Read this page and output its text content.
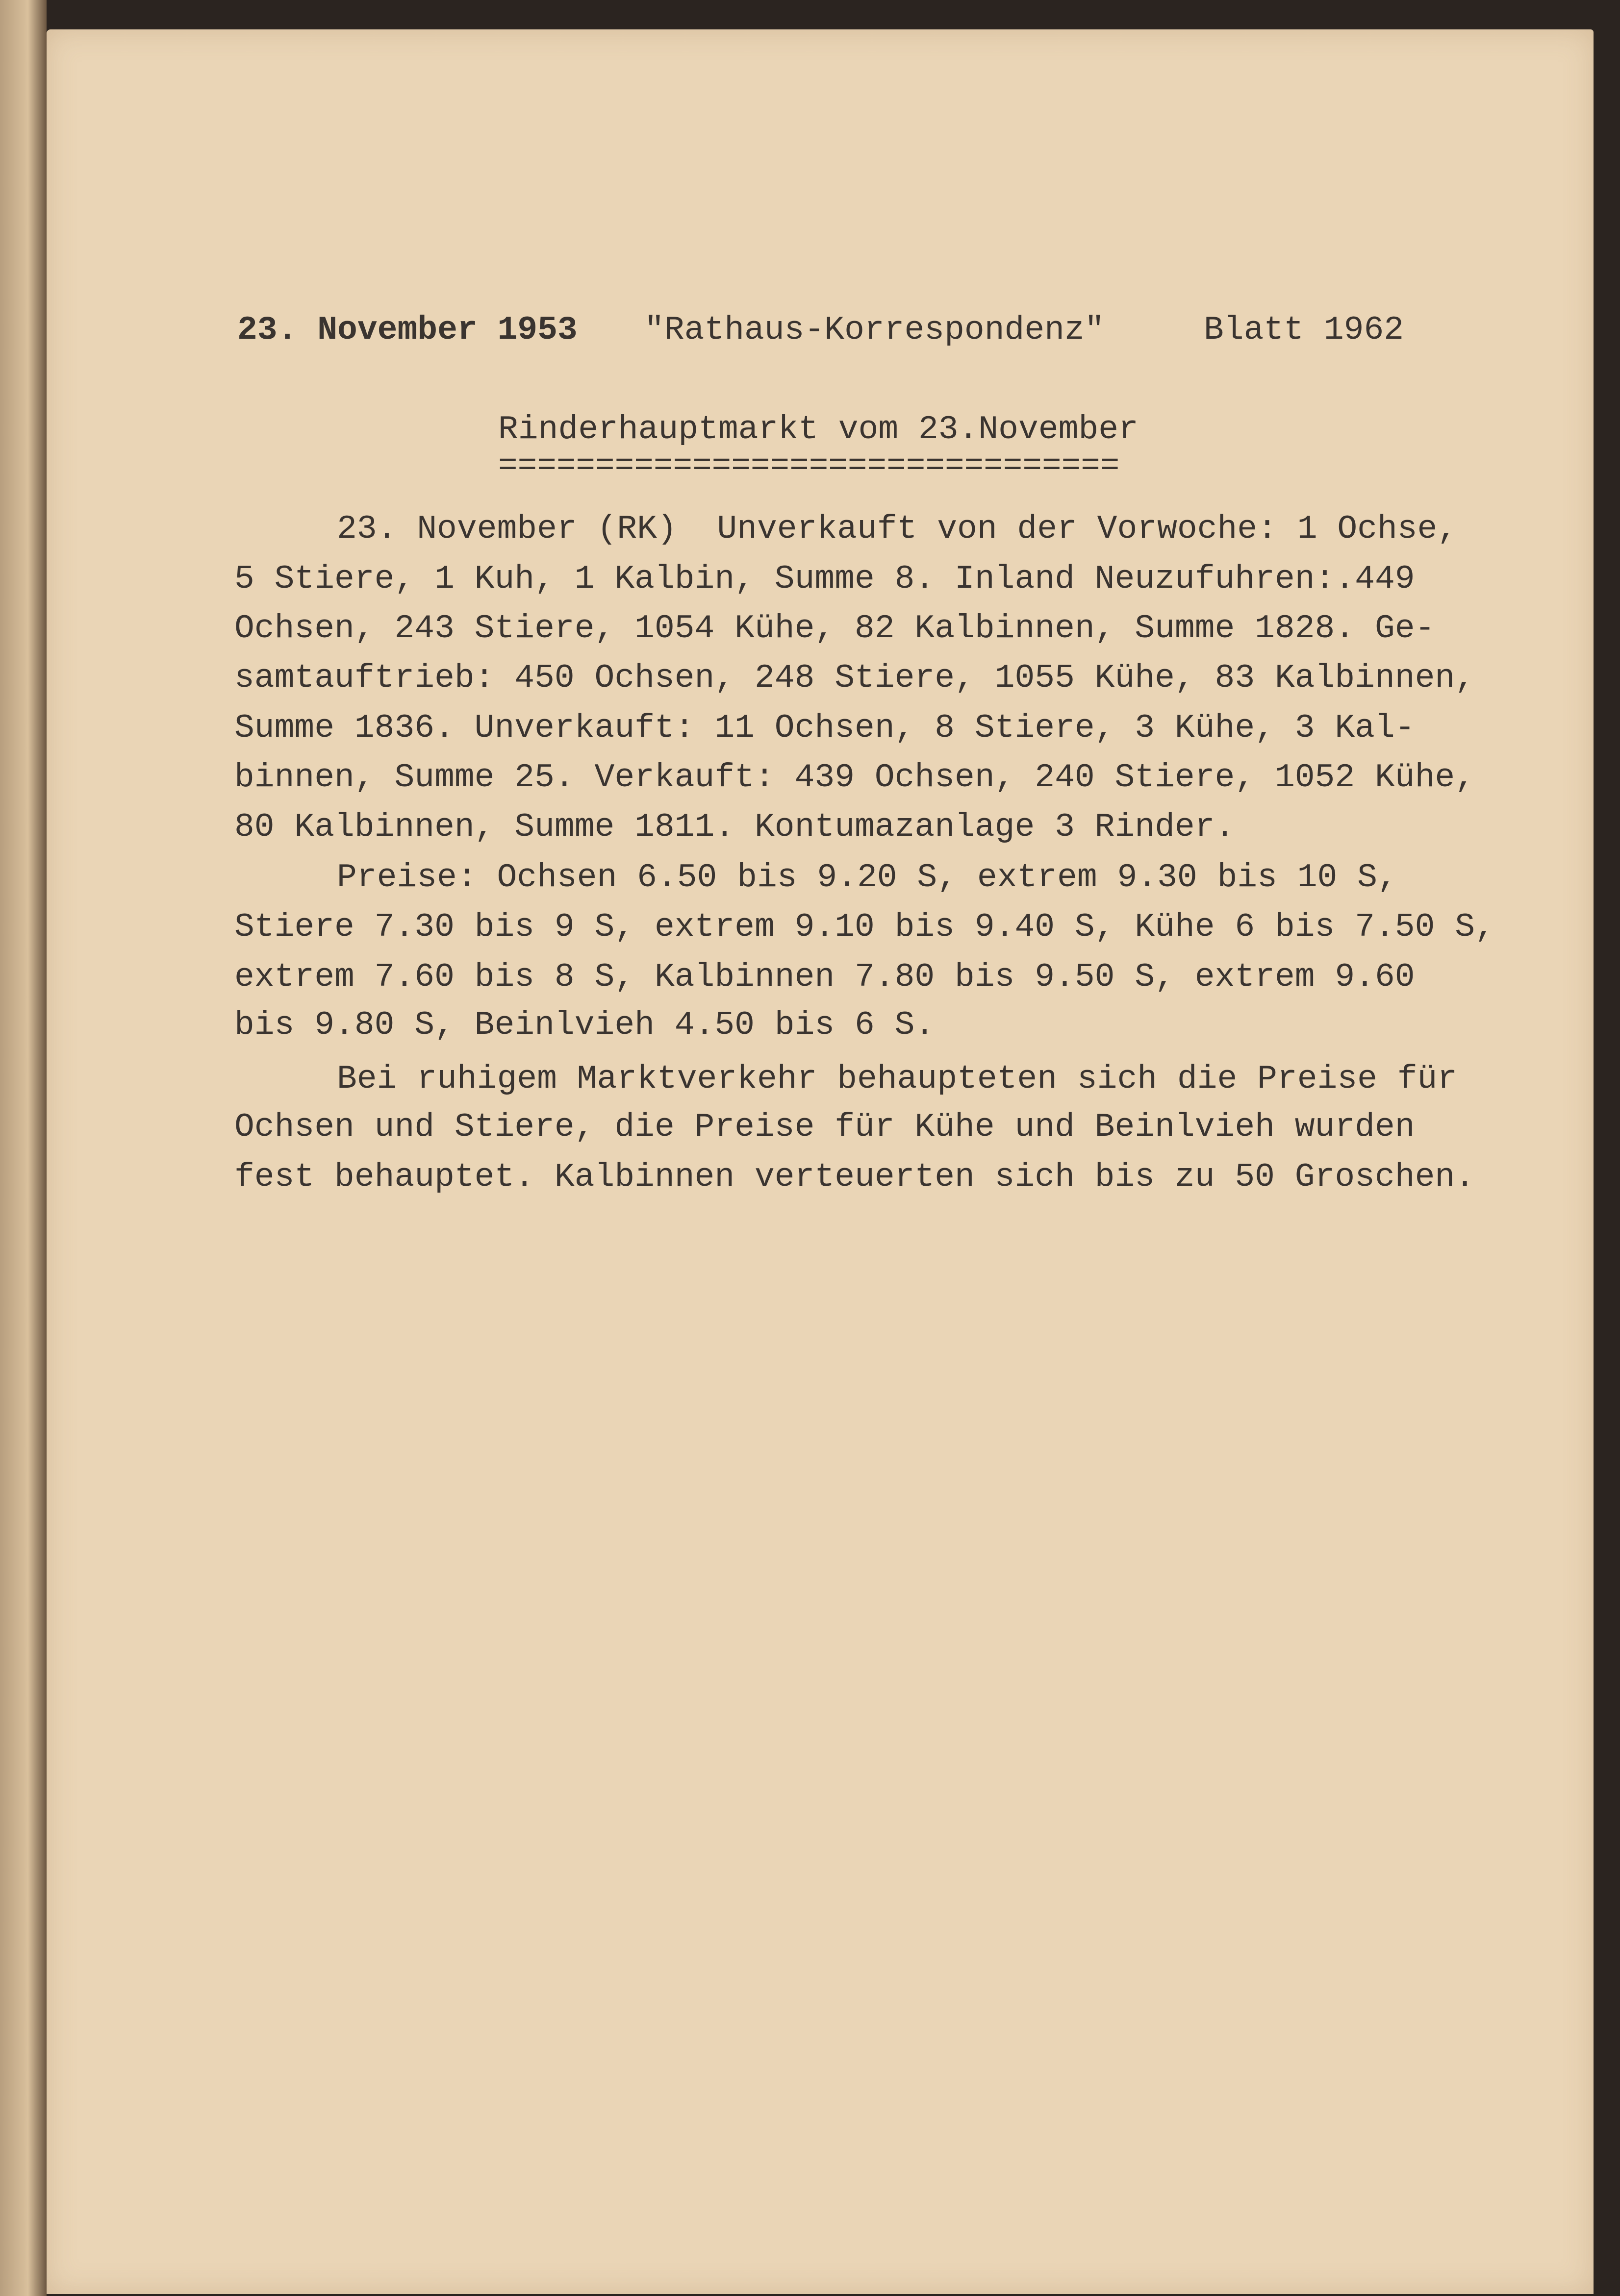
23. November 1953 "Rathaus-Korrespondenz"	Blatt 1962
Rinderhauptmarkt vom 23.November
================================
23. November (RK)  Unverkauft von der Vorwoche: 1 Ochse,
5 Stiere, 1 Kuh, 1 Kalbin, Summe 8. Inland Neuzufuhren:.449
Ochsen, 243 Stiere, 1054 Kühe, 82 Kalbinnen, Summe 1828. Ge-
samtauftrieb: 450 Ochsen, 248 Stiere, 1055 Kühe, 83 Kalbinnen,
Summe 1836. Unverkauft: 11 Ochsen, 8 Stiere, 3 Kühe, 3 Kal-
binnen, Summe 25. Verkauft: 439 Ochsen, 240 Stiere, 1052 Kühe,
80 Kalbinnen, Summe 1811. Kontumazanlage 3 Rinder.
Preise: Ochsen 6.50 bis 9.20 S, extrem 9.30 bis 10 S,
Stiere 7.30 bis 9 S, extrem 9.10 bis 9.40 S, Kühe 6 bis 7.50 S,
extrem 7.60 bis 8 S, Kalbinnen 7.80 bis 9.50 S, extrem 9.60
bis 9.80 S, Beinlvieh 4.50 bis 6 S.
Bei ruhigem Marktverkehr behaupteten sich die Preise für
Ochsen und Stiere, die Preise für Kühe und Beinlvieh wurden
fest behauptet. Kalbinnen verteuerten sich bis zu 50 Groschen.
